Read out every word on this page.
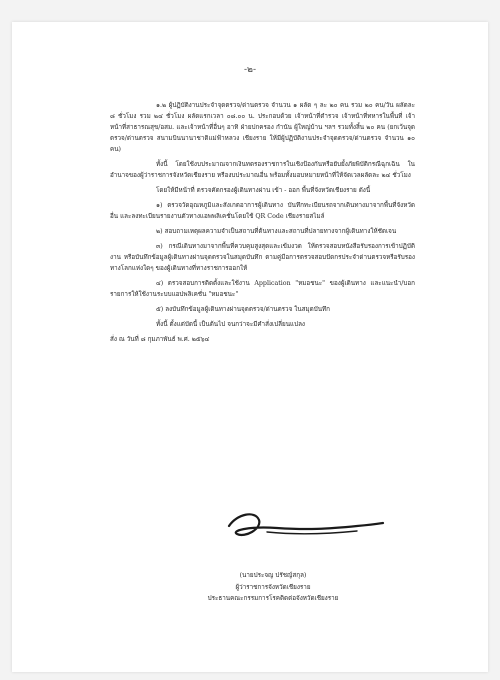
-๒-

๑.๒ ผู้ปฏิบัติงานประจำจุดตรวจ/ด่านตรวจ จำนวน ๑ ผลัด ๆ ละ ๒๐ คน รวม ๒๐ คน/วัน ผลัดละ ๘ ชั่วโมง รวม ๒๔ ชั่วโมง ผลัดแรกเวลา ๐๘.๐๐ น. ประกอบด้วย เจ้าหน้าที่ตำรวจ เจ้าหน้าที่ทหารในพื้นที่ เจ้าหน้าที่สาธารณสุข/อสม. และเจ้าหน้าที่อื่นๆ อาทิ ฝ่ายปกครอง กำนัน ผู้ใหญ่บ้าน ฯลฯ รวมทั้งสิ้น ๒๐ คน (ยกเว้นจุดตรวจ/ด่านตรวจ สนามบินนานาชาติแม่ฟ้าหลวง เชียงราย ให้มีผู้ปฏิบัติงานประจำจุดตรวจ/ด่านตรวจ จำนวน ๑๐ คน)

ทั้งนี้ โดยใช้งบประมาณจากเงินทดรองราชการในเชิงป้องกันหรือยับยั้งภัยพิบัติกรณีฉุกเฉิน ในอำนาจของผู้ว่าราชการจังหวัดเชียงราย หรืองบประมาณอื่น พร้อมทั้งมอบหมายหน้าที่ให้จัดเวลผลัดละ ๒๔ ชั่วโมง

โดยให้มีหน้าที่ ตรวจคัดกรองผู้เดินทางผ่าน เข้า - ออก พื้นที่จังหวัดเชียงราย ดังนี้

๑) ตรวจวัดอุณหภูมิและสังเกตอาการผู้เดินทาง บันทึกทะเบียนรถจากเดินทางมาจากพื้นที่จังหวัดอื่น และลงทะเบียนรายงานตัวทางแอพพลิเคชั่นโดยใช้ QR Code เชียงรายสไมล์

๒) สอบถามเหตุผลความจำเป็นสถานที่ต้นทางและสถานที่ปลายทางจากผู้เดินทางให้ชัดเจน

๓) กรณีเดินทางมาจากพื้นที่ควบคุมสูงสุดและเข้มงวด ให้ตรวจสอบหนังสือรับรองการเข้าปฏิบัติงาน หรือบันทึกข้อมูลผู้เดินทางผ่านจุดตรวจในสมุดบันทึก ตามคู่มือการตรวจสอบปัดกรประจำด่านตรวจหรือรับรองทางโลกแห่งใดๆ ของผู้เดินทางที่ทางราชการออกให้

๔) ตรวจสอบการติดตั้งและใช้งาน Application "หมอชนะ" ของผู้เดินทาง และแนะนำ/บอกรายการให้ใช้งานระบบแอปพลิเคชั่น "หมอชนะ"

๕) ลงบันทึกข้อมูลผู้เดินทางผ่านจุดตรวจ/ด่านตรวจ ในสมุดบันทึก

ทั้งนี้ ตั้งแต่บัดนี้ เป็นต้นไป จนกว่าจะมีคำสั่งเปลี่ยนแปลง

สั่ง ณ วันที่ ๘ กุมภาพันธ์ พ.ศ. ๒๕๖๔

(นายประจญ ปรัชญ์สกุล)
ผู้ว่าราชการจังหวัดเชียงราย
ประธานคณะกรรมการโรคติดต่อจังหวัดเชียงราย
